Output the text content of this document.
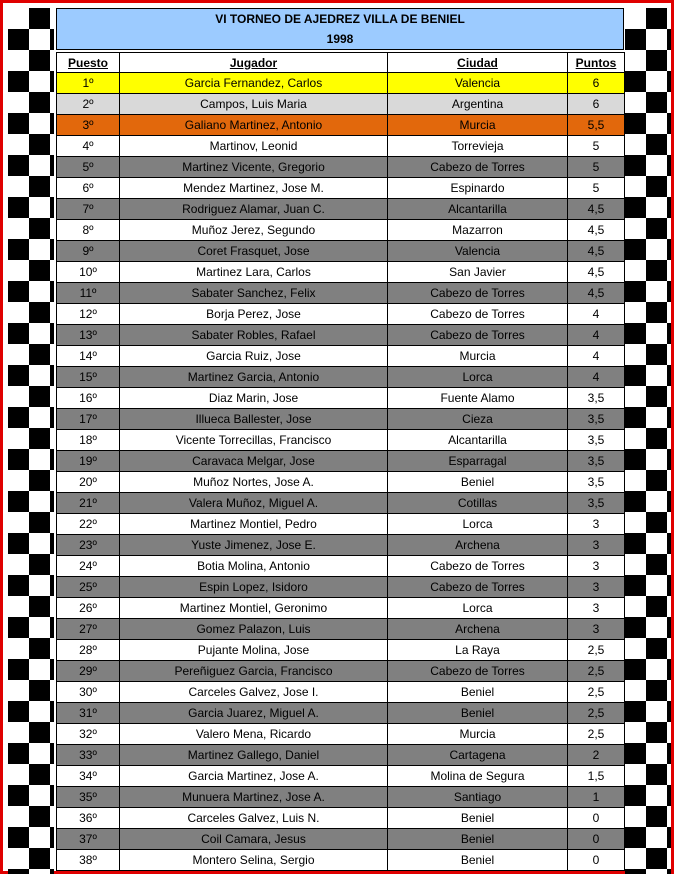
VI TORNEO DE AJEDREZ VILLA DE BENIEL
1998
Puesto	Jugador	Ciudad	Puntos
1º	Garcia Fernandez, Carlos	Valencia	6
2º	Campos, Luis Maria	Argentina	6
3º	Galiano Martinez, Antonio	Murcia	5,5
4º	Martinov, Leonid	Torrevieja	5
5º	Martinez Vicente, Gregorio	Cabezo de Torres	5
6º	Mendez Martinez, Jose M.	Espinardo	5
7º	Rodriguez Alamar, Juan C.	Alcantarilla	4,5
8º	Muñoz Jerez, Segundo	Mazarron	4,5
9º	Coret Frasquet, Jose	Valencia	4,5
10º	Martinez Lara, Carlos	San Javier	4,5
11º	Sabater Sanchez, Felix	Cabezo de Torres	4,5
12º	Borja Perez, Jose	Cabezo de Torres	4
13º	Sabater Robles, Rafael	Cabezo de Torres	4
14º	Garcia Ruiz, Jose	Murcia	4
15º	Martinez Garcia, Antonio	Lorca	4
16º	Diaz Marin, Jose	Fuente Alamo	3,5
17º	Illueca Ballester, Jose	Cieza	3,5
18º	Vicente Torrecillas, Francisco	Alcantarilla	3,5
19º	Caravaca Melgar, Jose	Esparragal	3,5
20º	Muñoz Nortes, Jose A.	Beniel	3,5
21º	Valera Muñoz, Miguel A.	Cotillas	3,5
22º	Martinez Montiel, Pedro	Lorca	3
23º	Yuste Jimenez, Jose E.	Archena	3
24º	Botia Molina, Antonio	Cabezo de Torres	3
25º	Espin Lopez, Isidoro	Cabezo de Torres	3
26º	Martinez Montiel, Geronimo	Lorca	3
27º	Gomez Palazon, Luis	Archena	3
28º	Pujante Molina, Jose	La Raya	2,5
29º	Pereñiguez Garcia, Francisco	Cabezo de Torres	2,5
30º	Carceles Galvez, Jose I.	Beniel	2,5
31º	Garcia Juarez, Miguel A.	Beniel	2,5
32º	Valero Mena, Ricardo	Murcia	2,5
33º	Martinez Gallego, Daniel	Cartagena	2
34º	Garcia Martinez, Jose A.	Molina de Segura	1,5
35º	Munuera Martinez, Jose A.	Santiago	1
36º	Carceles Galvez, Luis N.	Beniel	0
37º	Coil Camara, Jesus	Beniel	0
38º	Montero Selina, Sergio	Beniel	0
